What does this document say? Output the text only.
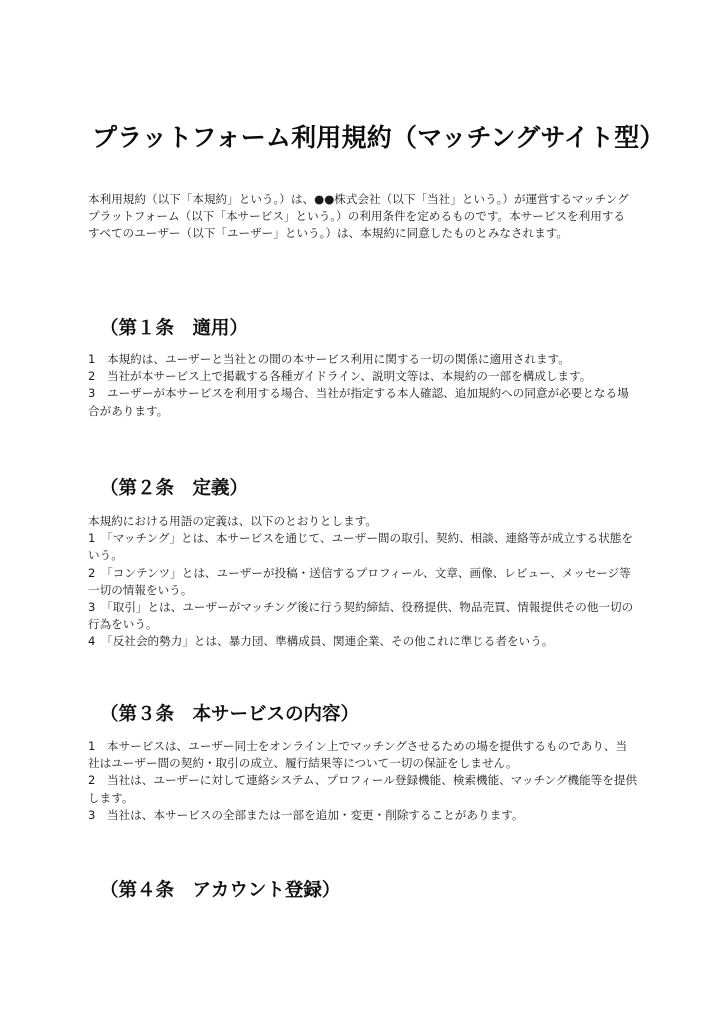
プラットフォーム利用規約（マッチングサイト型）
本利用規約（以下「本規約」という。）は、●●株式会社（以下「当社」という。）が運営するマッチングプラットフォーム（以下「本サービス」という。）の利用条件を定めるものです。本サービスを利用するすべてのユーザー（以下「ユーザー」という。）は、本規約に同意したものとみなされます。
（第１条　適用）

1　本規約は、ユーザーと当社との間の本サービス利用に関する一切の関係に適用されます。

2　当社が本サービス上で掲載する各種ガイドライン、説明文等は、本規約の一部を構成します。

3　ユーザーが本サービスを利用する場合、当社が指定する本人確認、追加規約への同意が必要となる場合があります。

（第２条　定義）

本規約における用語の定義は、以下のとおりとします。

1　「マッチング」とは、本サービスを通じて、ユーザー間の取引、契約、相談、連絡等が成立する状態をいう。

2　「コンテンツ」とは、ユーザーが投稿・送信するプロフィール、文章、画像、レビュー、メッセージ等一切の情報をいう。

3　「取引」とは、ユーザーがマッチング後に行う契約締結、役務提供、物品売買、情報提供その他一切の行為をいう。

4　「反社会的勢力」とは、暴力団、準構成員、関連企業、その他これに準じる者をいう。

（第３条　本サービスの内容）

1　本サービスは、ユーザー同士をオンライン上でマッチングさせるための場を提供するものであり、当社はユーザー間の契約・取引の成立、履行結果等について一切の保証をしません。

2　当社は、ユーザーに対して連絡システム、プロフィール登録機能、検索機能、マッチング機能等を提供します。

3　当社は、本サービスの全部または一部を追加・変更・削除することがあります。

（第４条　アカウント登録）
